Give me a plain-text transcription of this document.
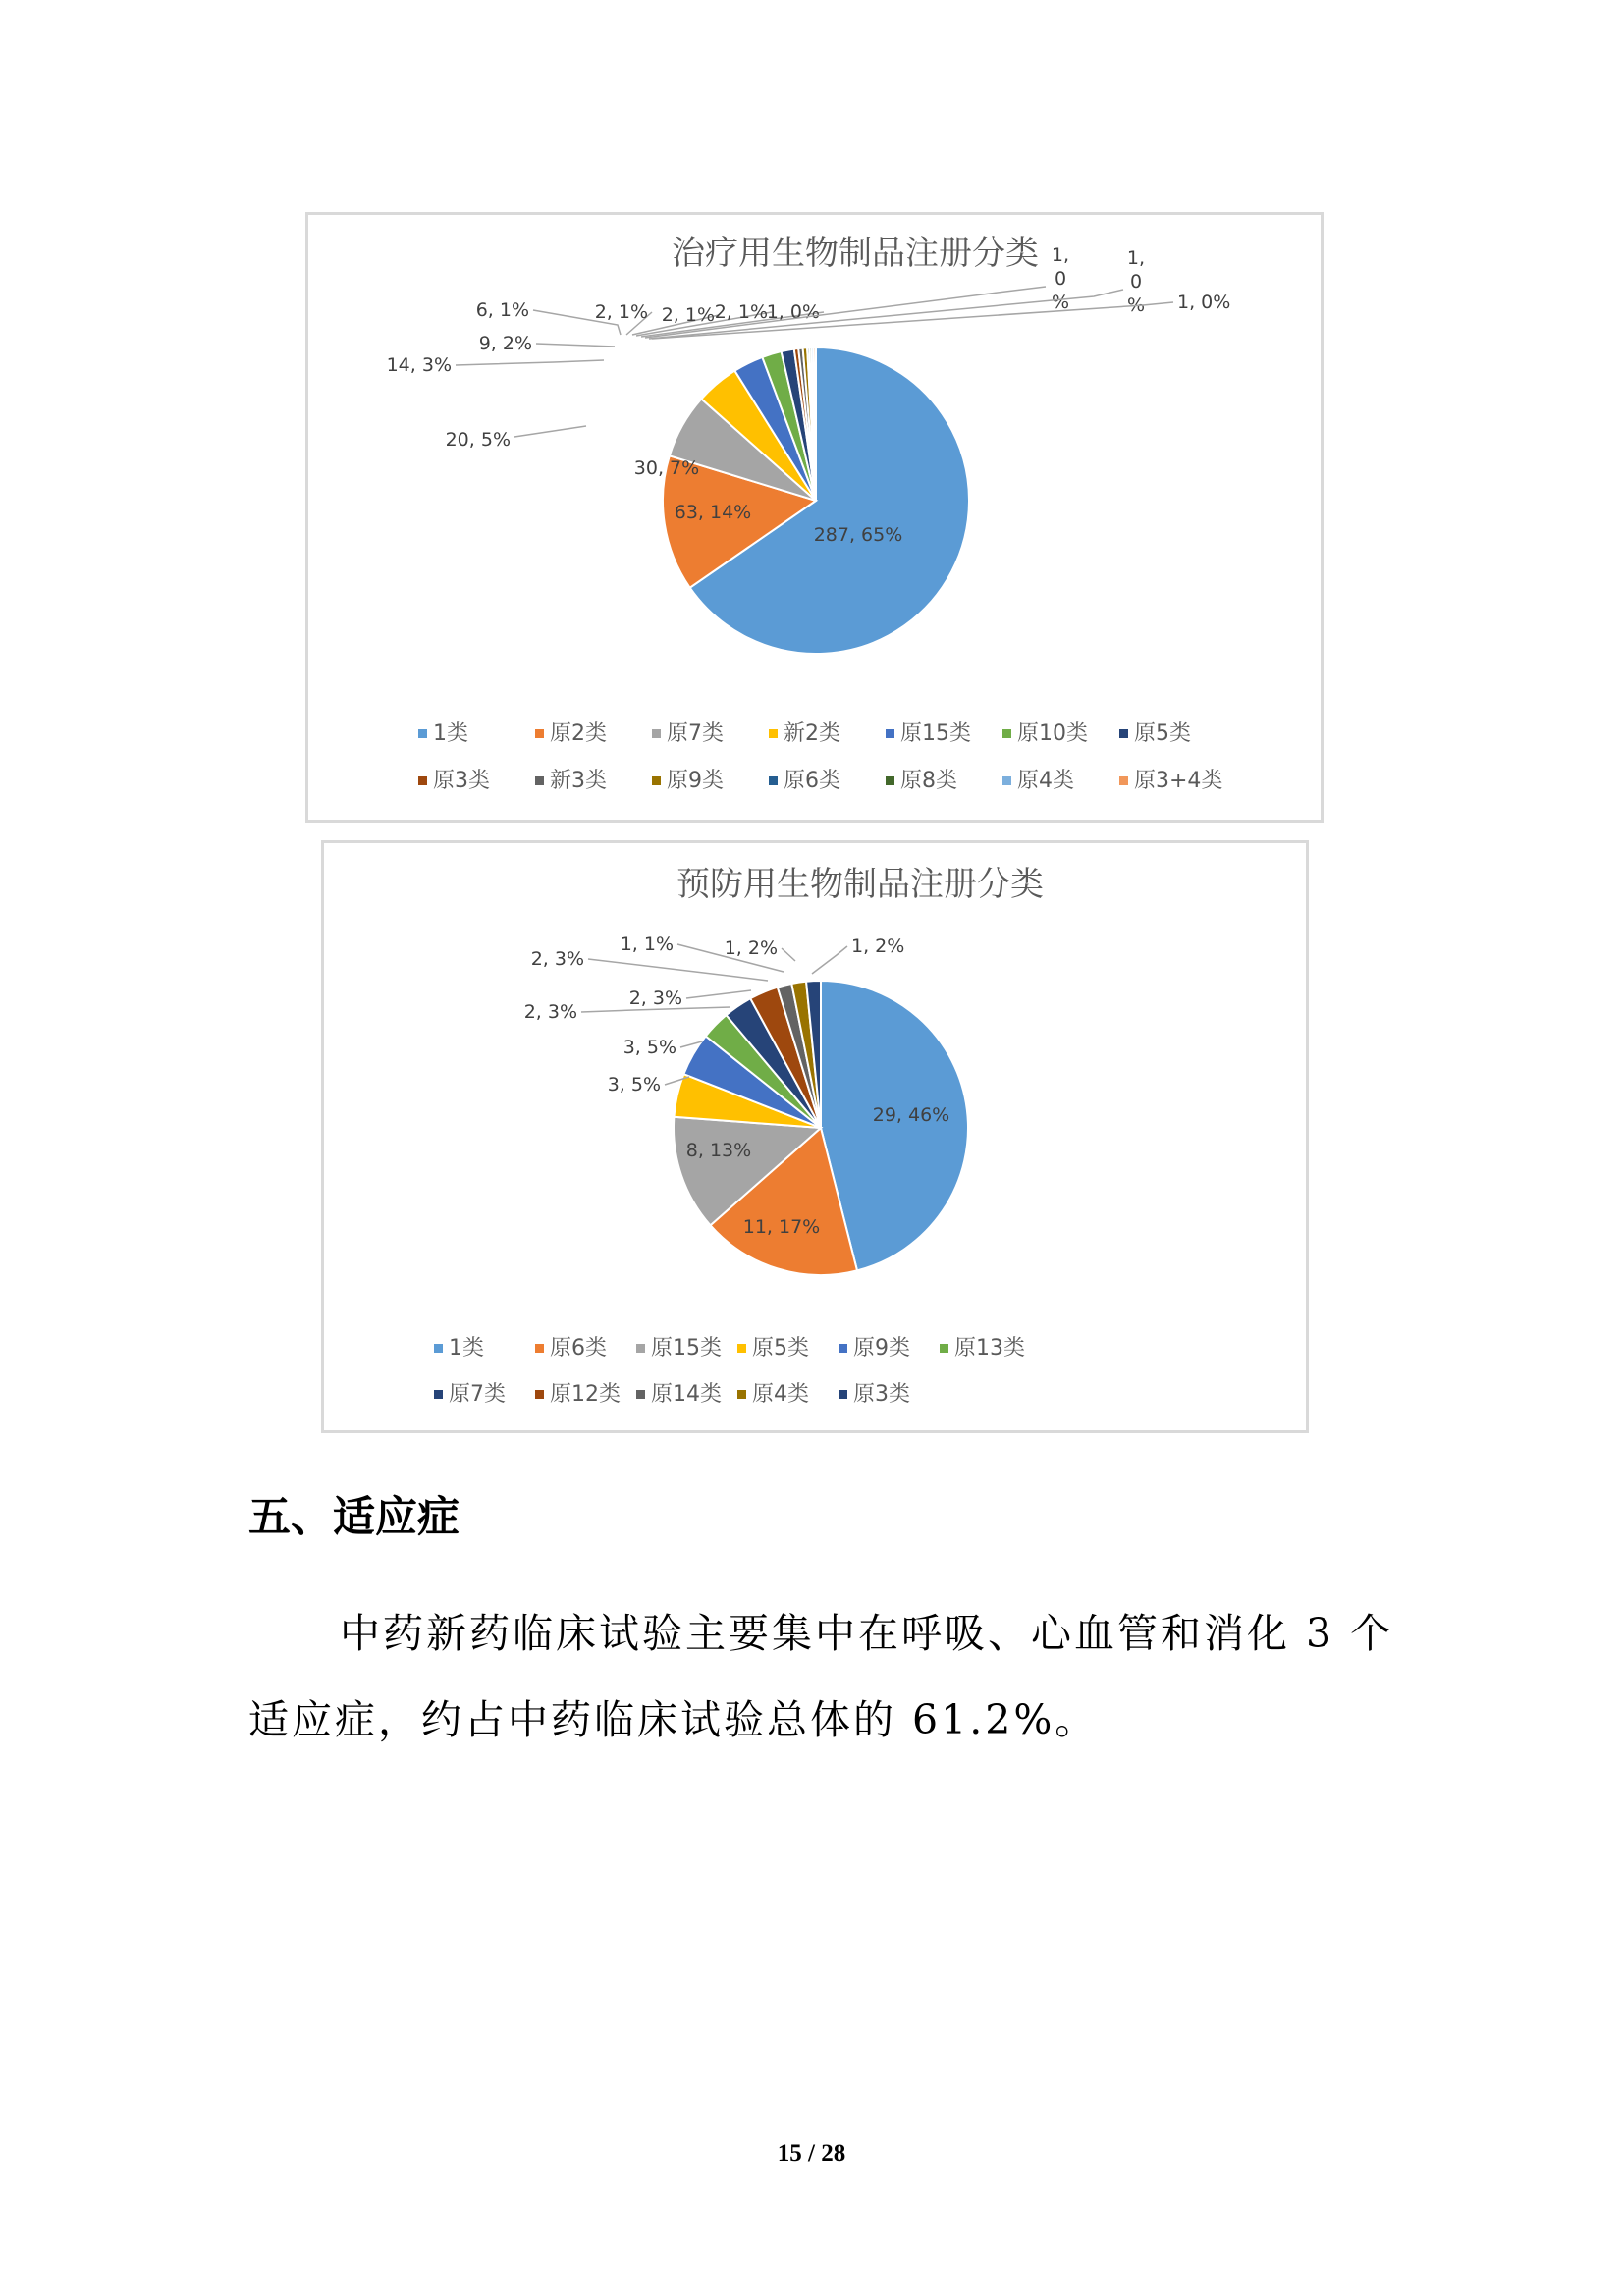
治疗用生物制品注册分类
287, 65%
63, 14%
30, 7%
20, 5%
14, 3%
9, 2%
6, 1%	2, 1% 2, 1% 2, 1%
1, 0%
1, 0 %
1, 0 % 1, 0%
1类	原2类	原7类	新2类	原15类 原10类 原5类
原3类	新3类	原9类	原6类	原8类	原4类	原3+4类
预防用生物制品注册分类
29, 46%
11, 17%
8, 13%
3, 5%
3, 5%
2, 3%
2, 3%
2, 3%
1, 1%	1, 2%	1, 2%
1类	原6类 原15类 原5类 原9类 原13类
原7类 原12类 原14类 原4类 原3类
五、适应症
中药新药临床试验主要集中在呼吸、心血管和消化 3 个
适应症，约占中药临床试验总体的 61.2%。
15 / 28
